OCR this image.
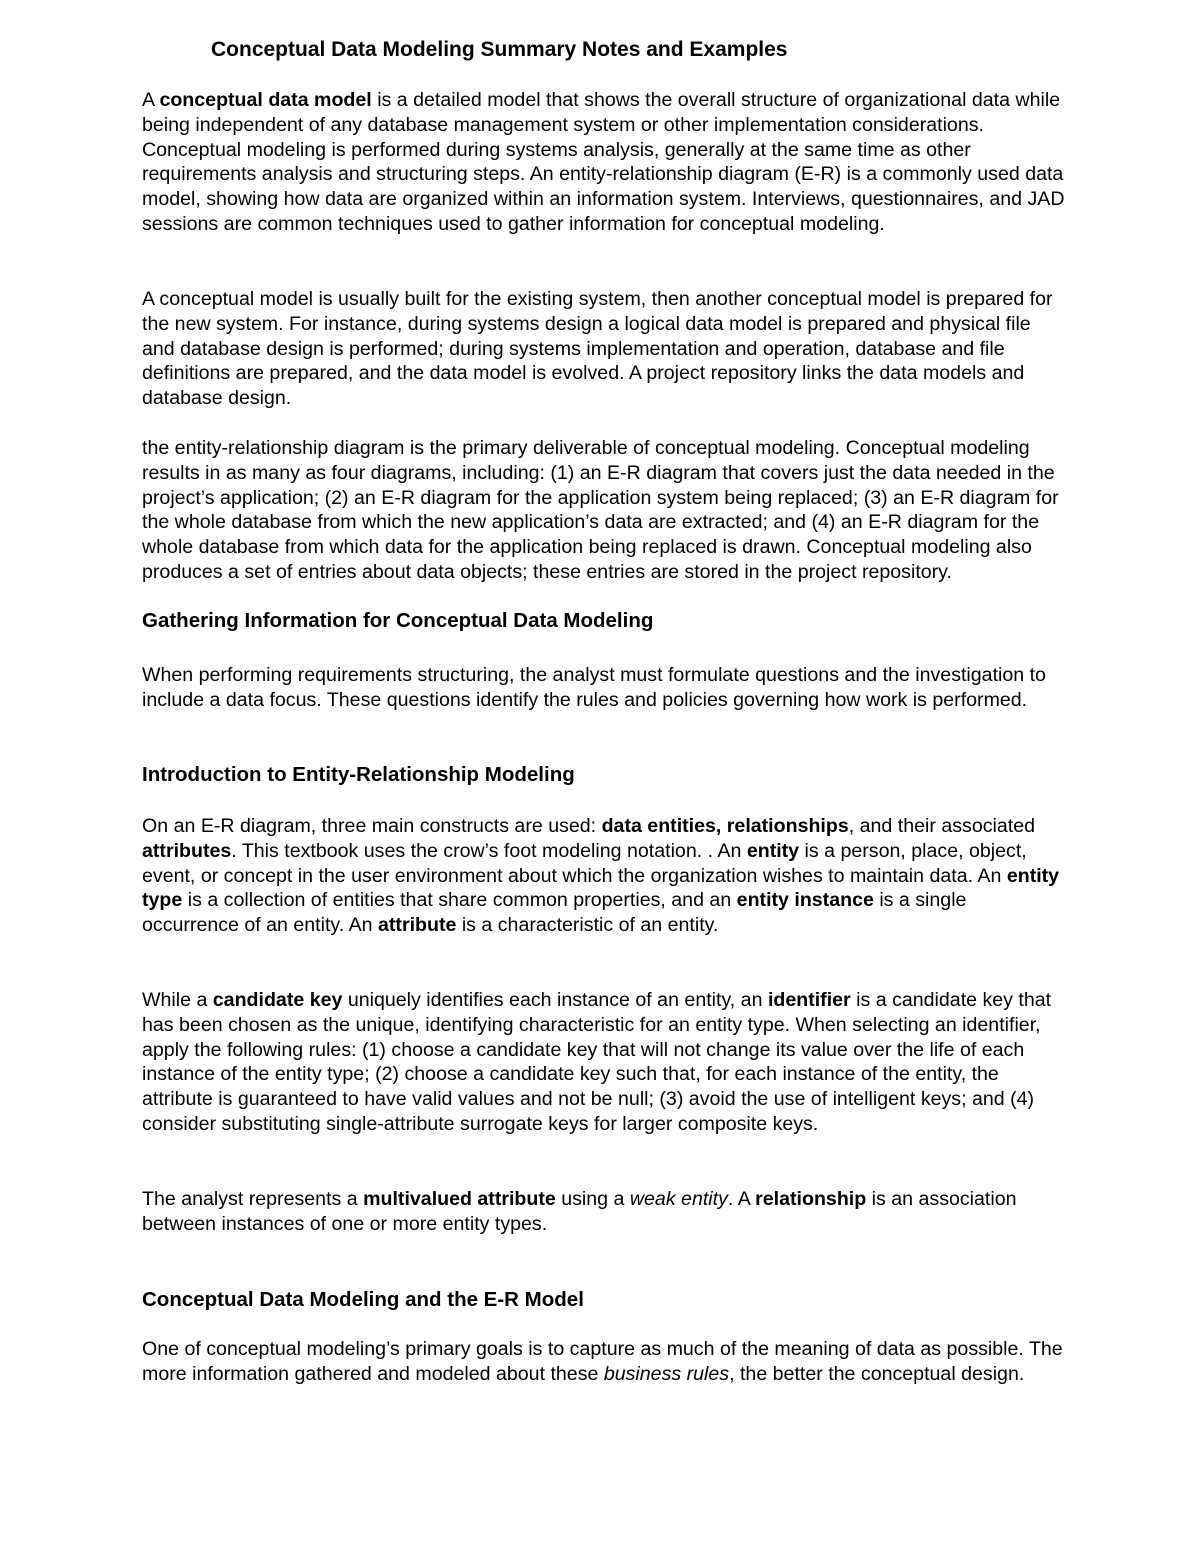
Conceptual Data Modeling Summary Notes and Examples

A conceptual data model is a detailed model that shows the overall structure of organizational data while being independent of any database management system or other implementation considerations. Conceptual modeling is performed during systems analysis, generally at the same time as other requirements analysis and structuring steps. An entity-relationship diagram (E-R) is a commonly used data model, showing how data are organized within an information system. Interviews, questionnaires, and JAD sessions are common techniques used to gather information for conceptual modeling.

A conceptual model is usually built for the existing system, then another conceptual model is prepared for the new system. For instance, during systems design a logical data model is prepared and physical file and database design is performed; during systems implementation and operation, database and file definitions are prepared, and the data model is evolved. A project repository links the data models and database design.

the entity-relationship diagram is the primary deliverable of conceptual modeling. Conceptual modeling results in as many as four diagrams, including: (1) an E-R diagram that covers just the data needed in the project’s application; (2) an E-R diagram for the application system being replaced; (3) an E-R diagram for the whole database from which the new application’s data are extracted; and (4) an E-R diagram for the whole database from which data for the application being replaced is drawn. Conceptual modeling also produces a set of entries about data objects; these entries are stored in the project repository.

Gathering Information for Conceptual Data Modeling

When performing requirements structuring, the analyst must formulate questions and the investigation to include a data focus. These questions identify the rules and policies governing how work is performed.

Introduction to Entity-Relationship Modeling

On an E-R diagram, three main constructs are used: data entities, relationships, and their associated attributes. This textbook uses the crow’s foot modeling notation. . An entity is a person, place, object, event, or concept in the user environment about which the organization wishes to maintain data. An entity type is a collection of entities that share common properties, and an entity instance is a single occurrence of an entity. An attribute is a characteristic of an entity.

While a candidate key uniquely identifies each instance of an entity, an identifier is a candidate key that has been chosen as the unique, identifying characteristic for an entity type. When selecting an identifier, apply the following rules: (1) choose a candidate key that will not change its value over the life of each instance of the entity type; (2) choose a candidate key such that, for each instance of the entity, the attribute is guaranteed to have valid values and not be null; (3) avoid the use of intelligent keys; and (4) consider substituting single-attribute surrogate keys for larger composite keys.

The analyst represents a multivalued attribute using a weak entity. A relationship is an association between instances of one or more entity types.

Conceptual Data Modeling and the E-R Model

One of conceptual modeling’s primary goals is to capture as much of the meaning of data as possible. The more information gathered and modeled about these business rules, the better the conceptual design.
